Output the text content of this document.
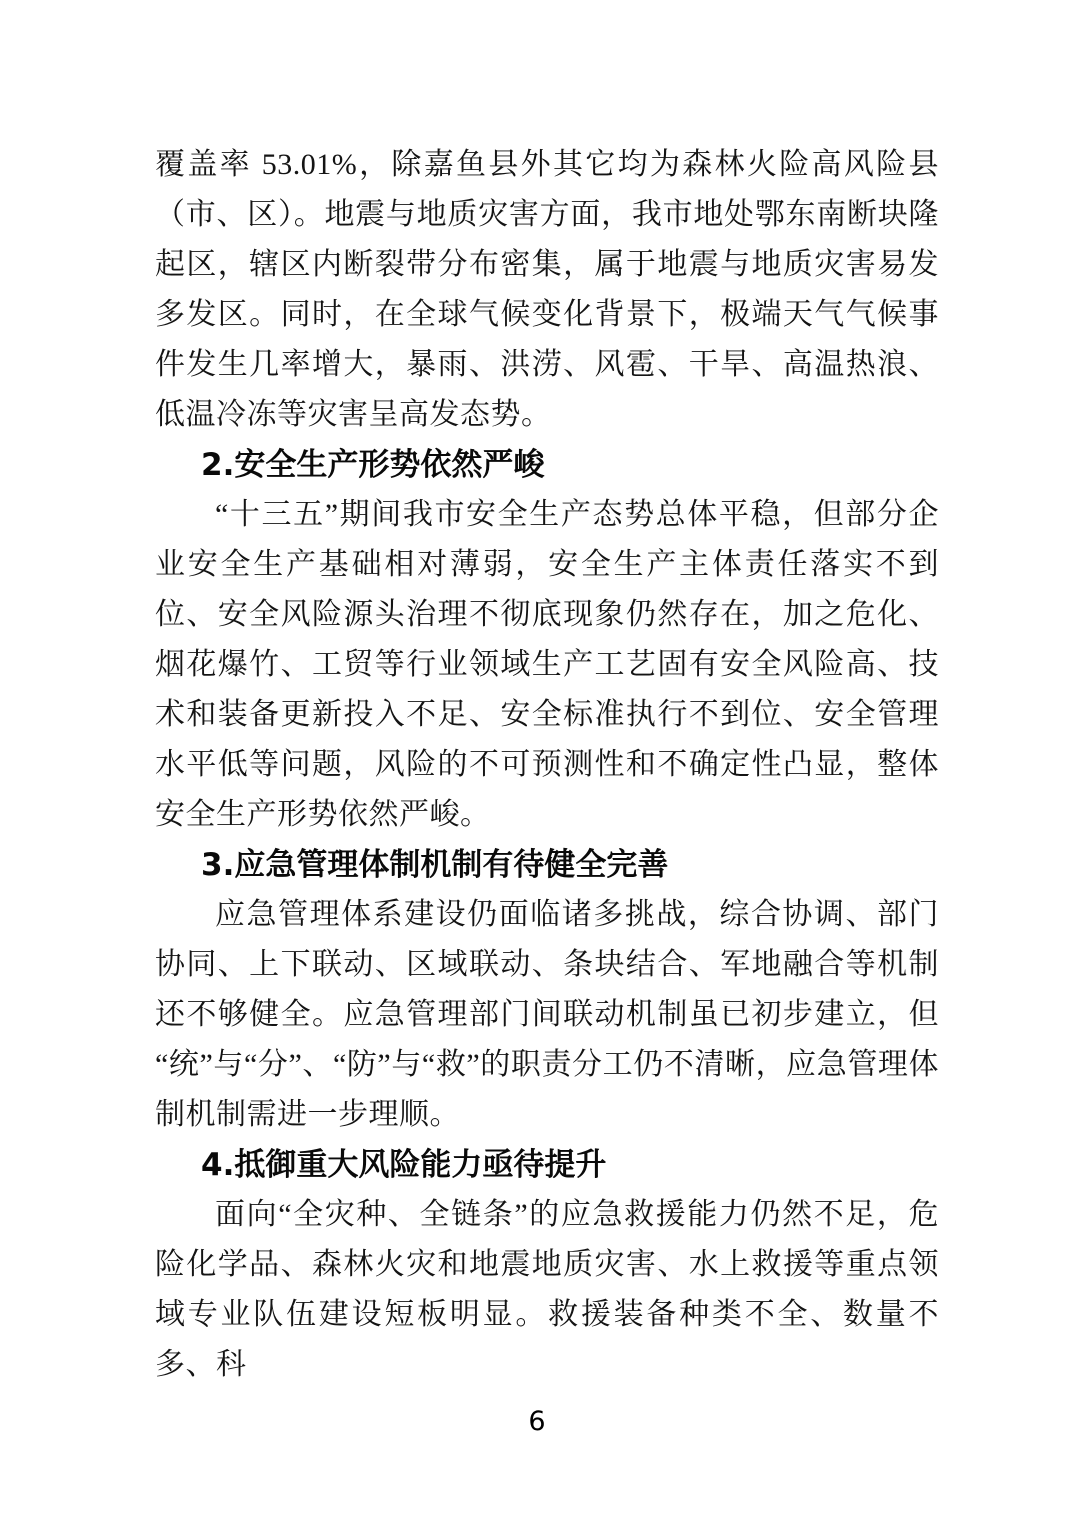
覆盖率 53.01%，除嘉鱼县外其它均为森林火险高风险县（市、区）。地震与地质灾害方面，我市地处鄂东南断块隆起区，辖区内断裂带分布密集，属于地震与地质灾害易发多发区。同时，在全球气候变化背景下，极端天气气候事件发生几率增大，暴雨、洪涝、风雹、干旱、高温热浪、低温冷冻等灾害呈高发态势。

2.安全生产形势依然严峻

“十三五”期间我市安全生产态势总体平稳，但部分企业安全生产基础相对薄弱，安全生产主体责任落实不到位、安全风险源头治理不彻底现象仍然存在，加之危化、烟花爆竹、工贸等行业领域生产工艺固有安全风险高、技术和装备更新投入不足、安全标准执行不到位、安全管理水平低等问题，风险的不可预测性和不确定性凸显，整体安全生产形势依然严峻。

3.应急管理体制机制有待健全完善

应急管理体系建设仍面临诸多挑战，综合协调、部门协同、上下联动、区域联动、条块结合、军地融合等机制还不够健全。应急管理部门间联动机制虽已初步建立，但“统”与“分”、“防”与“救”的职责分工仍不清晰，应急管理体制机制需进一步理顺。

4.抵御重大风险能力亟待提升

面向“全灾种、全链条”的应急救援能力仍然不足，危险化学品、森林火灾和地震地质灾害、水上救援等重点领域专业队伍建设短板明显。救援装备种类不全、数量不多、科

6
